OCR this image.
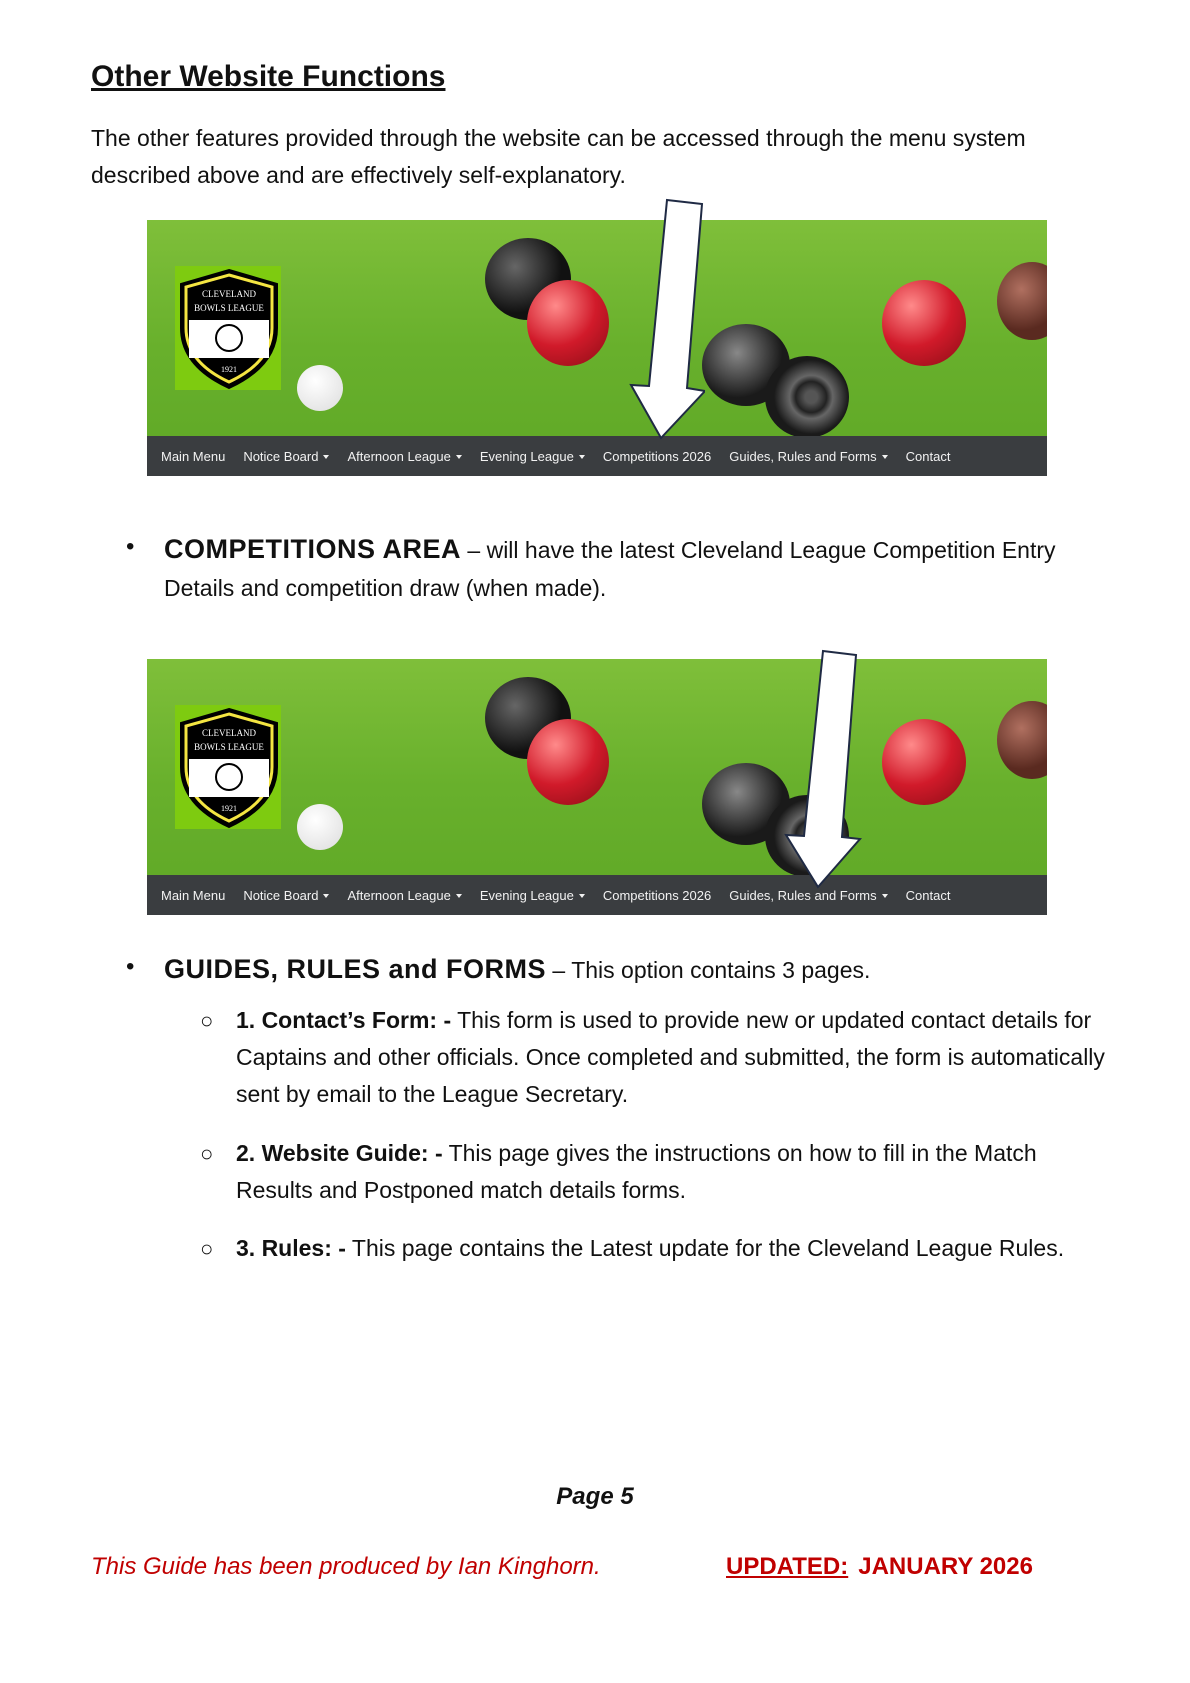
Other Website Functions
The other features provided through the website can be accessed through the menu system described above and are effectively self-explanatory.
CLEVELAND
BOWLS LEAGUE
1921
Main Menu Notice Board	Afternoon League	Evening League	Competitions 2026 Guides, Rules and Forms	Contact
• COMPETITIONS AREA – will have the latest Cleveland League Competition Entry Details and competition draw (when made).
CLEVELAND
BOWLS LEAGUE
1921
Main Menu Notice Board	Afternoon League	Evening League	Competitions 2026 Guides, Rules and Forms	Contact
• GUIDES, RULES and FORMS – This option contains 3 pages.
○ 1. Contact’s Form: - This form is used to provide new or updated contact details for Captains and other officials. Once completed and submitted, the form is automatically sent by email to the League Secretary.
○ 2. Website Guide: - This page gives the instructions on how to fill in the Match Results and Postponed match details forms.
○ 3. Rules: - This page contains the Latest update for the Cleveland League Rules.
Page 5
This Guide has been produced by Ian Kinghorn.	UPDATED: JANUARY 2026
